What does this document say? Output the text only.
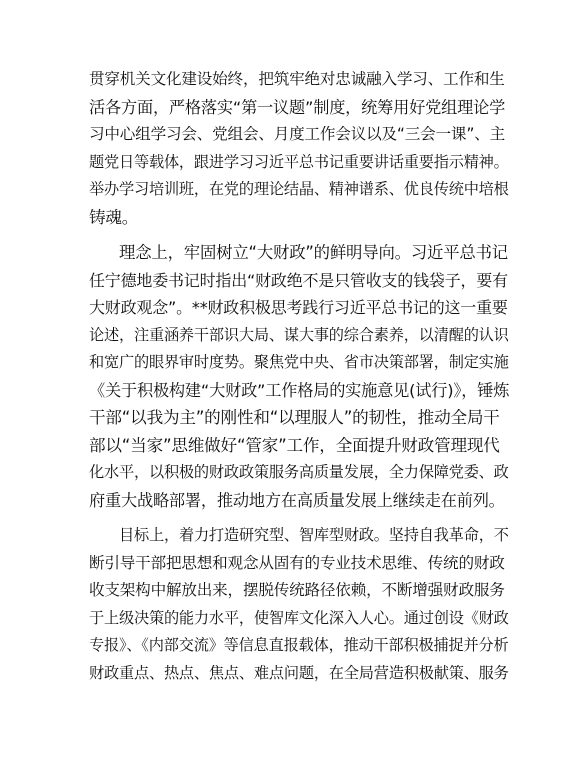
贯穿机关文化建设始终，把筑牢绝对忠诚融入学习、工作和生
活各方面，严格落实“第一议题”制度，统筹用好党组理论学
习中心组学习会、党组会、月度工作会议以及“三会一课”、主
题党日等载体，跟进学习习近平总书记重要讲话重要指示精神。
举办学习培训班，在党的理论结晶、精神谱系、优良传统中培根
铸魂。
理念上，牢固树立“大财政”的鲜明导向。习近平总书记
任宁德地委书记时指出“财政绝不是只管收支的钱袋子，要有
大财政观念”。**财政积极思考践行习近平总书记的这一重要
论述，注重涵养干部识大局、谋大事的综合素养，以清醒的认识
和宽广的眼界审时度势。聚焦党中央、省市决策部署，制定实施
《关于积极构建“大财政”工作格局的实施意见(试行)》，锤炼
干部“以我为主”的刚性和“以理服人”的韧性，推动全局干
部以“当家”思维做好“管家”工作，全面提升财政管理现代
化水平，以积极的财政政策服务高质量发展，全力保障党委、政
府重大战略部署，推动地方在高质量发展上继续走在前列。
目标上，着力打造研究型、智库型财政。坚持自我革命，不
断引导干部把思想和观念从固有的专业技术思维、传统的财政
收支架构中解放出来，摆脱传统路径依赖，不断增强财政服务
于上级决策的能力水平，使智库文化深入人心。通过创设《财政
专报》、《内部交流》等信息直报载体，推动干部积极捕捉并分析
财政重点、热点、焦点、难点问题，在全局营造积极献策、服务
